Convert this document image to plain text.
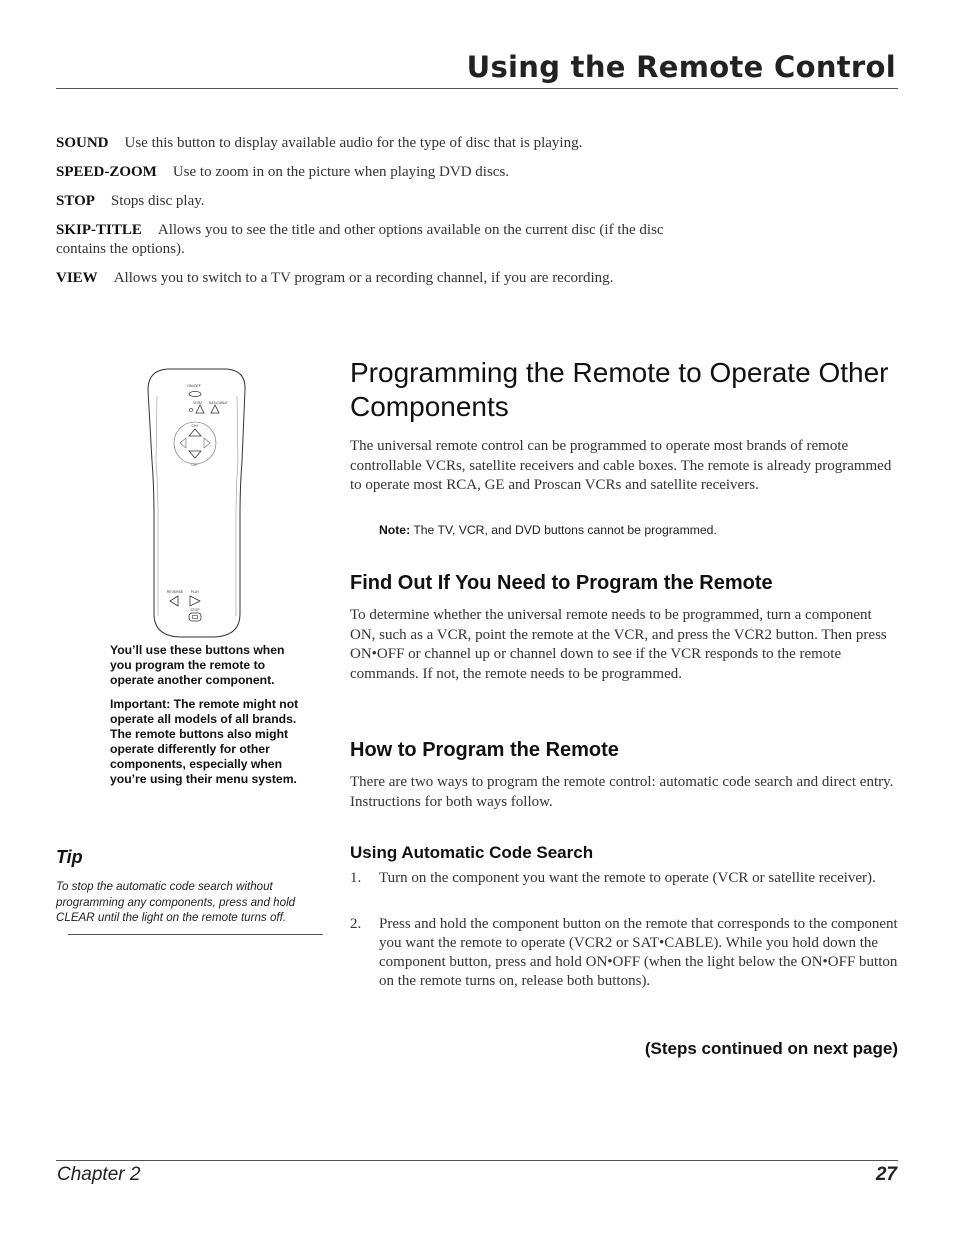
Using the Remote Control
SOUND Use this button to display available audio for the type of disc that is playing.
SPEED-ZOOM Use to zoom in on the picture when playing DVD discs.
STOP Stops disc play.
SKIP-TITLE Allows you to see the title and other options available on the current disc (if the disc contains the options).
VIEW Allows you to switch to a TV program or a recording channel, if you are recording.
ON•OFF
VCR2 SAT•CABLE
CH+
CH−
REVERSE PLAY
STOP
You’ll use these buttons when you program the remote to operate another component.
Important: The remote might not operate all models of all brands. The remote buttons also might operate differently for other components, especially when you’re using their menu system.
Tip
To stop the automatic code search without programming any components, press and hold CLEAR until the light on the remote turns off.
Programming the Remote to Operate Other Components
The universal remote control can be programmed to operate most brands of remote controllable VCRs, satellite receivers and cable boxes. The remote is already programmed to operate most RCA, GE and Proscan VCRs and satellite receivers.
Note: The TV, VCR, and DVD buttons cannot be programmed.
Find Out If You Need to Program the Remote
To determine whether the universal remote needs to be programmed, turn a component ON, such as a VCR, point the remote at the VCR, and press the VCR2 button. Then press ON•OFF or channel up or channel down to see if the VCR responds to the remote commands. If not, the remote needs to be programmed.
How to Program the Remote
There are two ways to program the remote control: automatic code search and direct entry. Instructions for both ways follow.
Using Automatic Code Search
1. Turn on the component you want the remote to operate (VCR or satellite receiver).
2. Press and hold the component button on the remote that corresponds to the component you want the remote to operate (VCR2 or SAT•CABLE). While you hold down the component button, press and hold ON•OFF (when the light below the ON•OFF button on the remote turns on, release both buttons).
(Steps continued on next page)
Chapter 2	27
